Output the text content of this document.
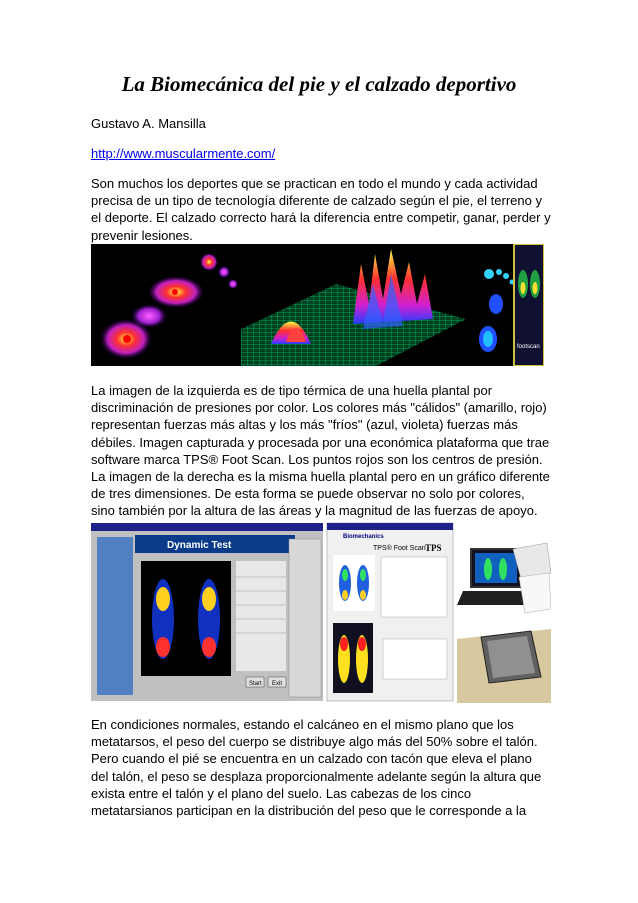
La Biomecánica del pie y el calzado deportivo

Gustavo A. Mansilla

http://www.muscularmente.com/

Son muchos los deportes que se practican en todo el mundo y cada actividad precisa de un tipo de tecnología diferente de calzado según el pie, el terreno y el deporte. El calzado correcto hará la diferencia entre competir, ganar, perder y prevenir lesiones.

footscan

La imagen de la izquierda es de tipo térmica de una huella plantal por discriminación de presiones por color. Los colores más "cálidos" (amarillo, rojo) representan fuerzas más altas y los más "fríos" (azul, violeta) fuerzas más débiles. Imagen capturada y procesada por una económica plataforma que trae software marca TPS® Foot Scan. Los puntos rojos son los centros de presión. La imagen de la derecha es la misma huella plantal pero en un gráfico diferente de tres dimensiones. De esta forma se puede observar no solo por colores, sino también por la altura de las áreas y la magnitud de las fuerzas de apoyo.

Dynamic Test
Start Exit
Biomechanics
TPS® Foot Scan TPS

En condiciones normales, estando el calcáneo en el mismo plano que los metatarsos, el peso del cuerpo se distribuye algo más del 50% sobre el talón. Pero cuando el pié se encuentra en un calzado con tacón que eleva el plano del talón, el peso se desplaza proporcionalmente adelante según la altura que exista entre el talón y el plano del suelo. Las cabezas de los cinco metatarsianos participan en la distribución del peso que le corresponde a la
